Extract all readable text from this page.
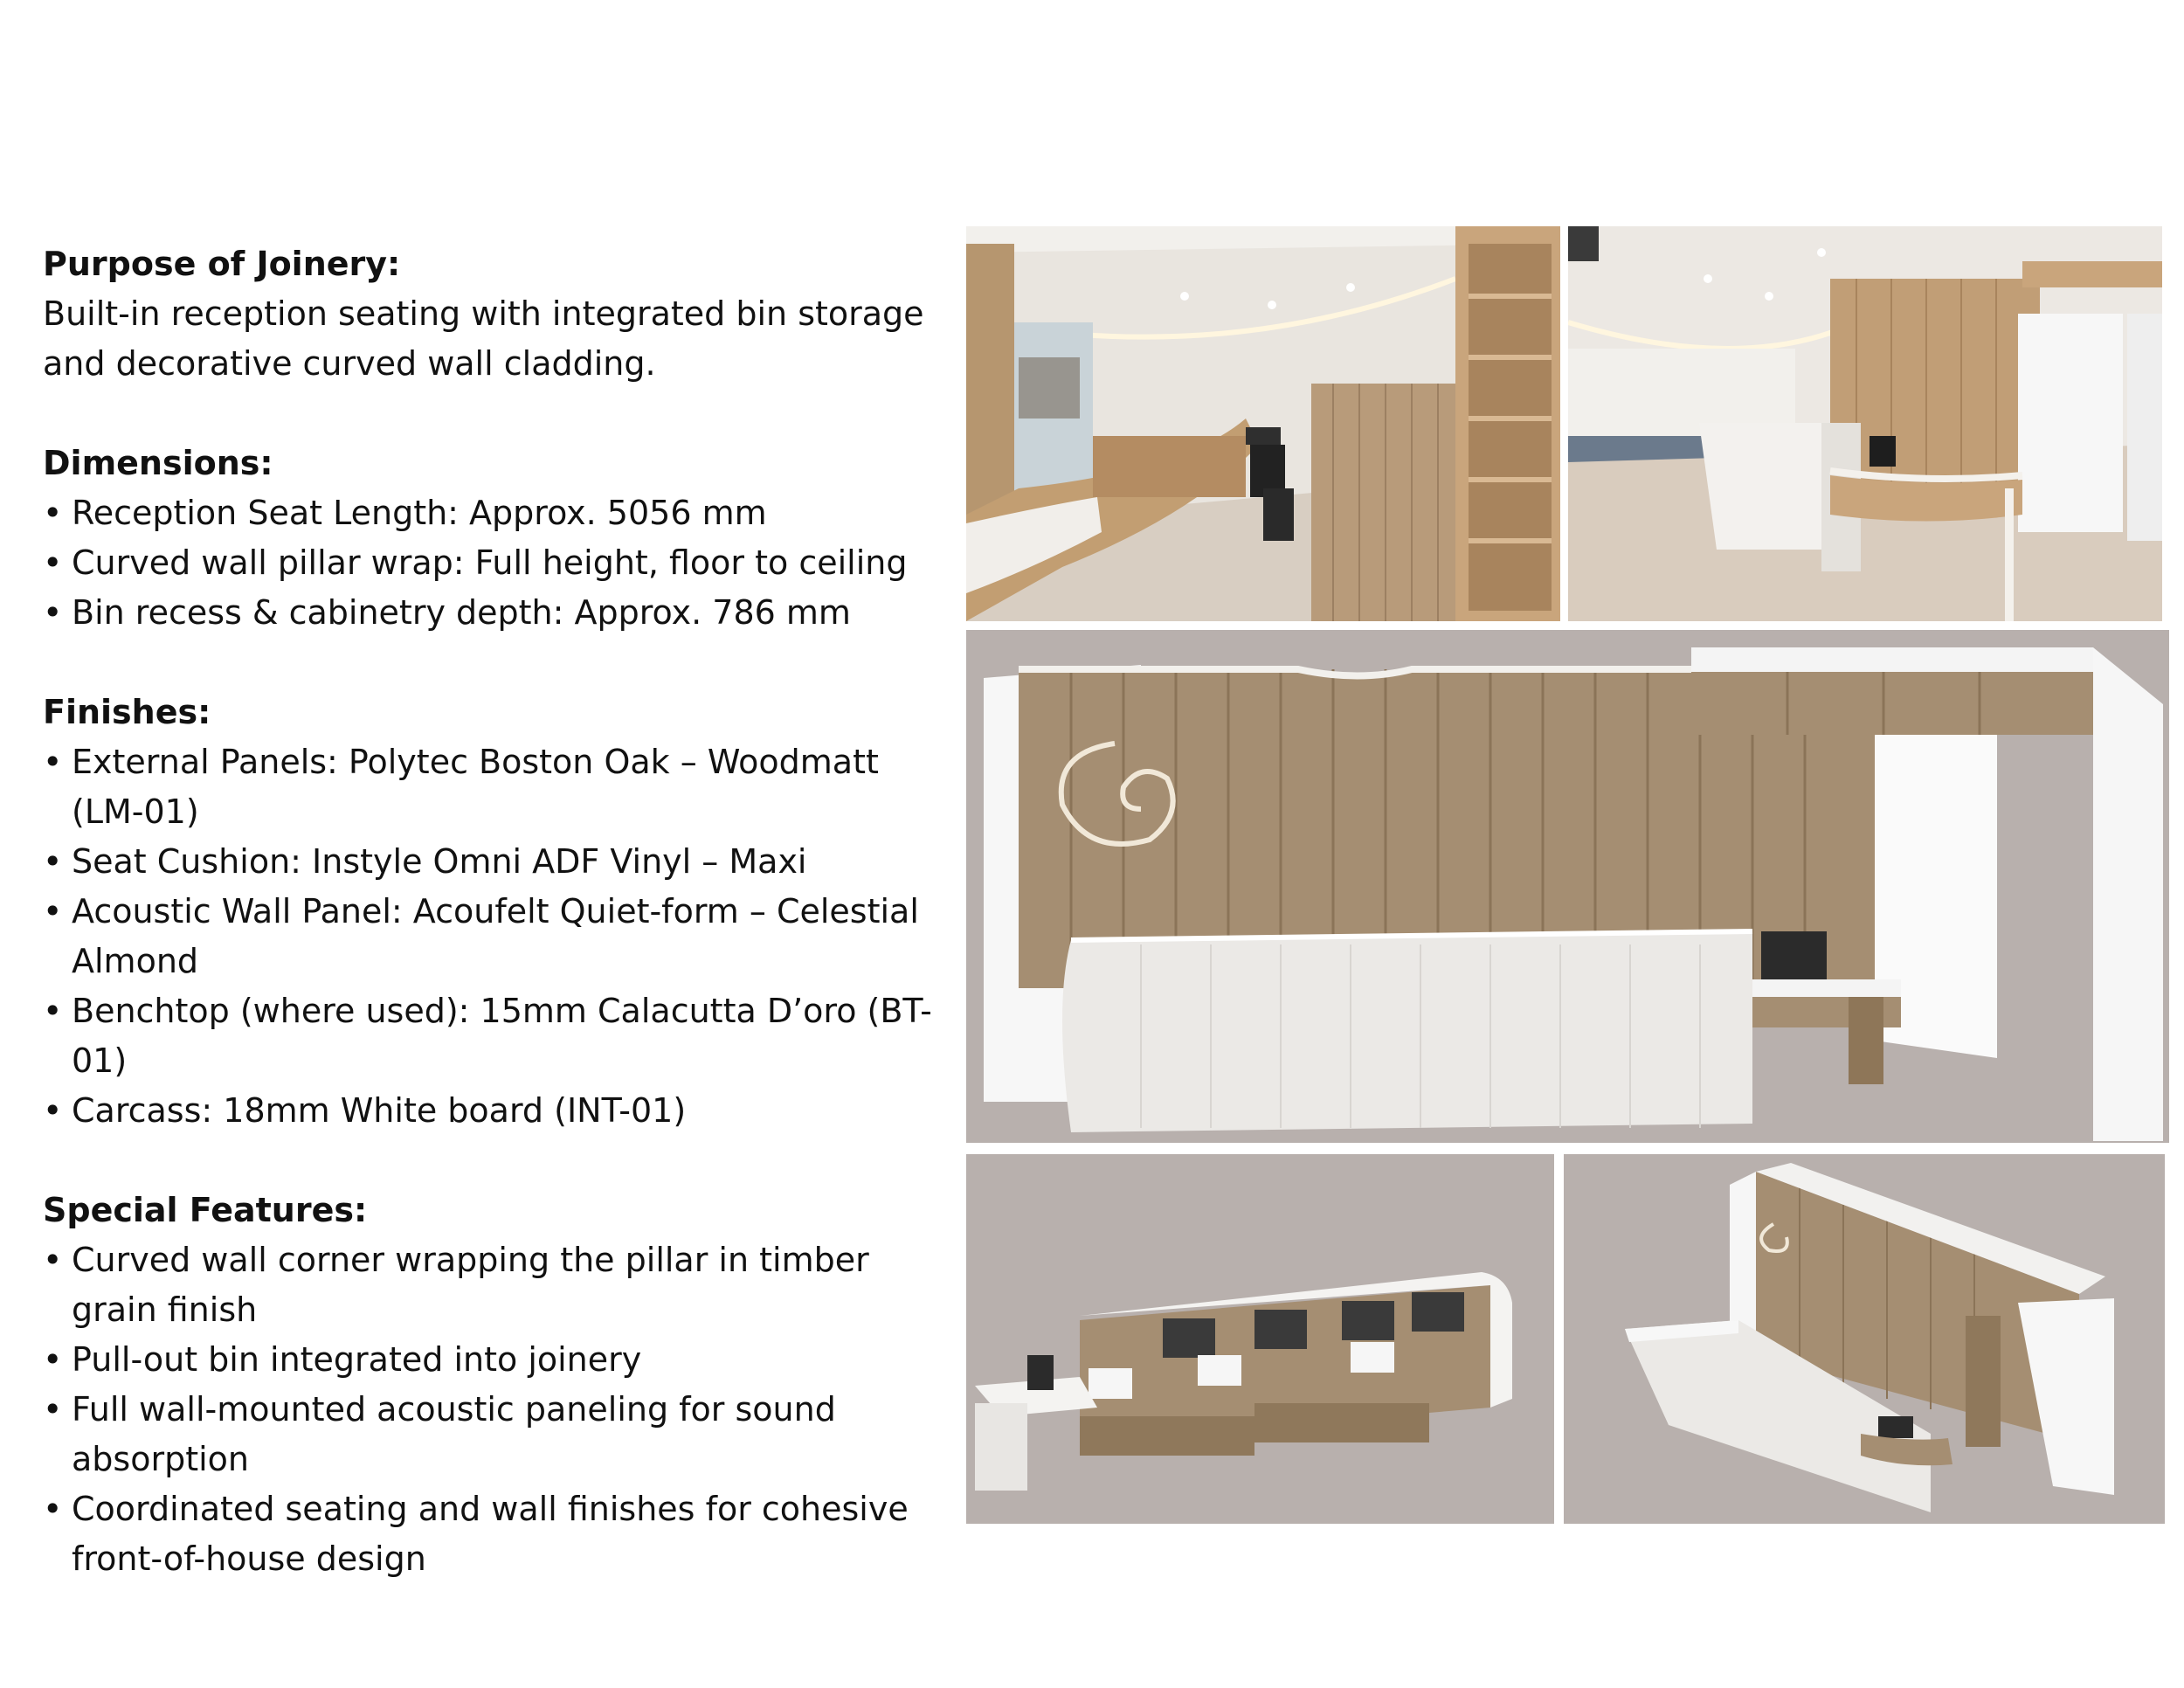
Purpose of Joinery:

Built-in reception seating with integrated bin storage and decorative curved wall cladding.

Dimensions:

• Reception Seat Length: Approx. 5056 mm
• Curved wall pillar wrap: Full height, floor to ceiling
• Bin recess & cabinetry depth: Approx. 786 mm

Finishes:

• External Panels: Polytec Boston Oak – Woodmatt (LM-01)
• Seat Cushion: Instyle Omni ADF Vinyl – Maxi
• Acoustic Wall Panel: Acoufelt Quiet-form – Celestial Almond
• Benchtop (where used): 15mm Calacutta D’oro (BT-01)
• Carcass: 18mm White board (INT-01)

Special Features:

• Curved wall corner wrapping the pillar in timber grain finish
• Pull-out bin integrated into joinery
• Full wall-mounted acoustic paneling for sound absorption
• Coordinated seating and wall finishes for cohesive front-of-house design
